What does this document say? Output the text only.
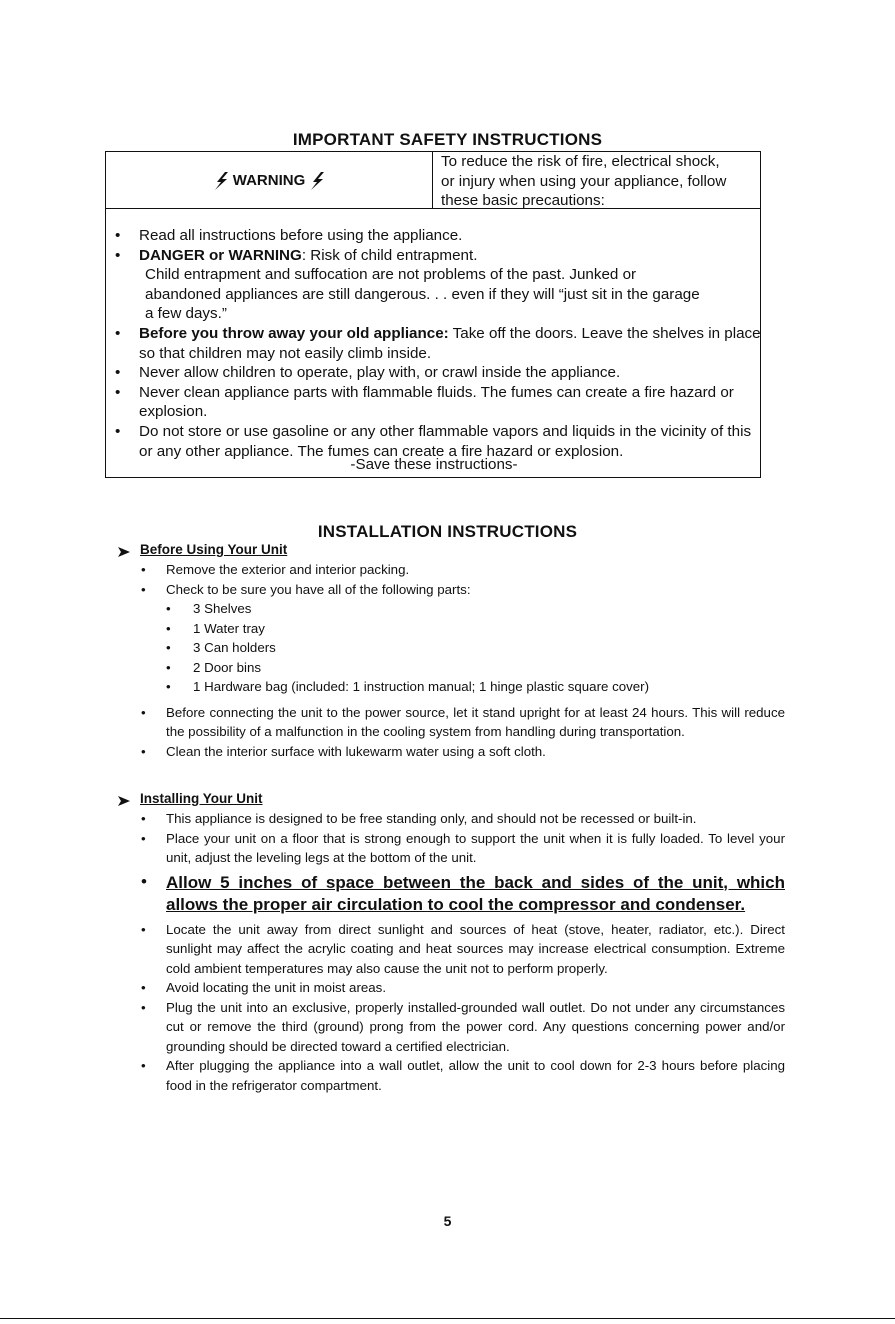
IMPORTANT SAFETY INSTRUCTIONS
WARNING
To reduce the risk of fire, electrical shock,
or injury when using your appliance, follow
these basic precautions:
• Read all instructions before using the appliance.
• DANGER or WARNING: Risk of child entrapment.
Child entrapment and suffocation are not problems of the past. Junked or abandoned appliances are still dangerous. . . even if they will “just sit in the garage a few days.”
• Before you throw away your old appliance: Take off the doors. Leave the shelves in place so that children may not easily climb inside.
• Never allow children to operate, play with, or crawl inside the appliance.
• Never clean appliance parts with flammable fluids. The fumes can create a fire hazard or explosion.
• Do not store or use gasoline or any other flammable vapors and liquids in the vicinity of this or any other appliance. The fumes can create a fire hazard or explosion.
-Save these instructions-
INSTALLATION INSTRUCTIONS
Before Using Your Unit
• Remove the exterior and interior packing.
• Check to be sure you have all of the following parts:
• 3 Shelves
• 1 Water tray
• 3 Can holders
• 2 Door bins
• 1 Hardware bag (included: 1 instruction manual; 1 hinge plastic square cover)
• Before connecting the unit to the power source, let it stand upright for at least 24 hours. This will reduce the possibility of a malfunction in the cooling system from handling during transportation.
• Clean the interior surface with lukewarm water using a soft cloth.
Installing Your Unit
• This appliance is designed to be free standing only, and should not be recessed or built-in.
• Place your unit on a floor that is strong enough to support the unit when it is fully loaded. To level your unit, adjust the leveling legs at the bottom of the unit.
• Allow 5 inches of space between the back and sides of the unit, which allows the proper air circulation to cool the compressor and condenser.
• Locate the unit away from direct sunlight and sources of heat (stove, heater, radiator, etc.). Direct sunlight may affect the acrylic coating and heat sources may increase electrical consumption. Extreme cold ambient temperatures may also cause the unit not to perform properly.
• Avoid locating the unit in moist areas.
• Plug the unit into an exclusive, properly installed-grounded wall outlet. Do not under any circumstances cut or remove the third (ground) prong from the power cord. Any questions concerning power and/or grounding should be directed toward a certified electrician.
• After plugging the appliance into a wall outlet, allow the unit to cool down for 2-3 hours before placing food in the refrigerator compartment.
5
